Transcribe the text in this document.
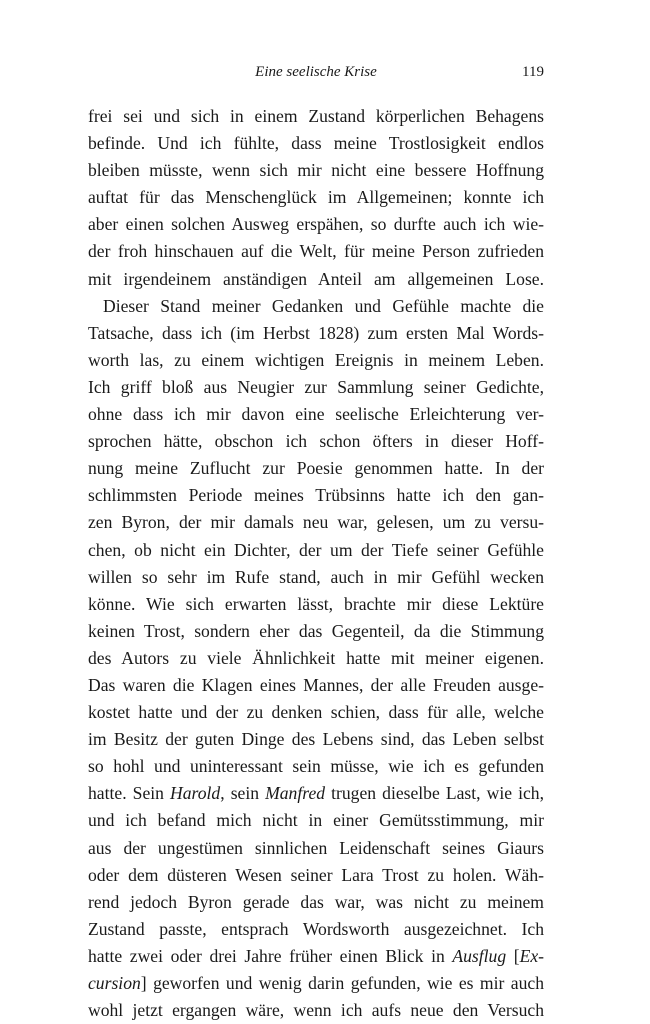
Eine seelische Krise	119
frei sei und sich in einem Zustand körperlichen Behagens
befinde. Und ich fühlte, dass meine Trostlosigkeit endlos
bleiben müsste, wenn sich mir nicht eine bessere Hoffnung
auftat für das Menschenglück im Allgemeinen; konnte ich
aber einen solchen Ausweg erspähen, so durfte auch ich wie-
der froh hinschauen auf die Welt, für meine Person zufrieden
mit irgendeinem anständigen Anteil am allgemeinen Lose.
Dieser Stand meiner Gedanken und Gefühle machte die
Tatsache, dass ich (im Herbst 1828) zum ersten Mal Words-
worth las, zu einem wichtigen Ereignis in meinem Leben.
Ich griff bloß aus Neugier zur Sammlung seiner Gedichte,
ohne dass ich mir davon eine seelische Erleichterung ver-
sprochen hätte, obschon ich schon öfters in dieser Hoff-
nung meine Zuflucht zur Poesie genommen hatte. In der
schlimmsten Periode meines Trübsinns hatte ich den gan-
zen Byron, der mir damals neu war, gelesen, um zu versu-
chen, ob nicht ein Dichter, der um der Tiefe seiner Gefühle
willen so sehr im Rufe stand, auch in mir Gefühl wecken
könne. Wie sich erwarten lässt, brachte mir diese Lektüre
keinen Trost, sondern eher das Gegenteil, da die Stimmung
des Autors zu viele Ähnlichkeit hatte mit meiner eigenen.
Das waren die Klagen eines Mannes, der alle Freuden ausge-
kostet hatte und der zu denken schien, dass für alle, welche
im Besitz der guten Dinge des Lebens sind, das Leben selbst
so hohl und uninteressant sein müsse, wie ich es gefunden
hatte. Sein Harold, sein Manfred trugen dieselbe Last, wie ich,
und ich befand mich nicht in einer Gemütsstimmung, mir
aus der ungestümen sinnlichen Leidenschaft seines Giaurs
oder dem düsteren Wesen seiner Lara Trost zu holen. Wäh-
rend jedoch Byron gerade das war, was nicht zu meinem
Zustand passte, entsprach Wordsworth ausgezeichnet. Ich
hatte zwei oder drei Jahre früher einen Blick in Ausflug [Ex-
cursion] geworfen und wenig darin gefunden, wie es mir auch
wohl jetzt ergangen wäre, wenn ich aufs neue den Versuch
